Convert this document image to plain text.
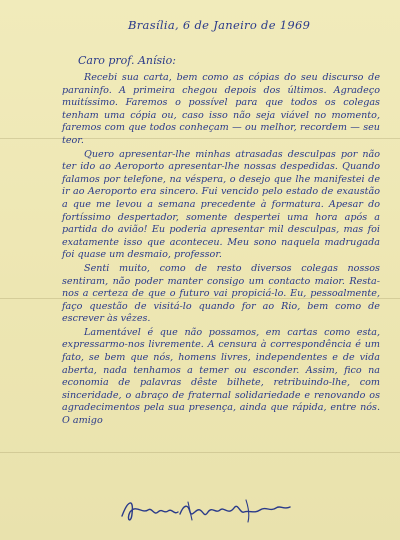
Brasília, 6 de Janeiro de 1969
Caro prof. Anísio:

Recebi sua carta, bem como as cópias do seu discurso de paraninfo. A primeira chegou depois dos últimos. Agradeço muitíssimo. Faremos o possível para que todos os colegas tenham uma cópia ou, caso isso não seja viável no momento, faremos com que todos conheçam — ou melhor, recordem — seu teor.

Quero apresentar-lhe minhas atrasadas desculpas por não ter ido ao Aeroporto apresentar-lhe nossas despedidas. Quando falamos por telefone, na véspera, o desejo que lhe manifestei de ir ao Aeroporto era sincero. Fui vencido pelo estado de exaustão a que me levou a semana precedente à formatura. Apesar do fortíssimo despertador, somente despertei uma hora após a partida do avião! Eu poderia apresentar mil desculpas, mas foi exatamente isso que aconteceu. Meu sono naquela madrugada foi quase um desmaio, professor.

Senti muito, como de resto diversos colegas nossos sentiram, não poder manter consigo um contacto maior. Resta-nos a certeza de que o futuro vai propiciá-lo. Eu, pessoalmente, faço questão de visitá-lo quando for ao Rio, bem como de escrever às vêzes.

Lamentável é que não possamos, em cartas como esta, expressarmo-nos livremente. A censura à correspondência é um fato, se bem que nós, homens livres, independentes e de vida aberta, nada tenhamos a temer ou esconder. Assim, fico na economia de palavras dêste bilhete, retribuindo-lhe, com sinceridade, o abraço de fraternal solidariedade e renovando os agradecimentos pela sua presença, ainda que rápida, entre nós. O amigo
